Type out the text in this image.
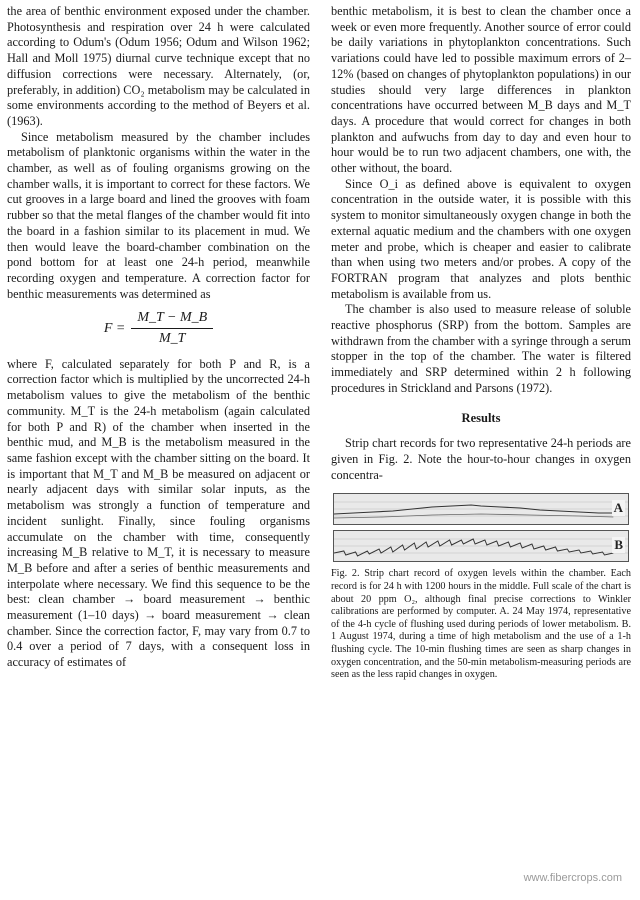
the area of benthic environment exposed under the chamber. Photosynthesis and respiration over 24 h were calculated according to Odum's (Odum 1956; Odum and Wilson 1962; Hall and Moll 1975) diurnal curve technique except that no diffusion corrections were necessary. Alternately, (or, preferably, in addition) CO₂ metabolism may be calculated in some environments according to the method of Beyers et al. (1963).

Since metabolism measured by the chamber includes metabolism of planktonic organisms within the water in the chamber, as well as of fouling organisms growing on the chamber walls, it is important to correct for these factors. We cut grooves in a large board and lined the grooves with foam rubber so that the metal flanges of the chamber would fit into the board in a fashion similar to its placement in mud. We then would leave the board-chamber combination on the pond bottom for at least one 24-h period, meanwhile recording oxygen and temperature. A correction factor for benthic measurements was determined as

$F = \frac{M\_T - M\_B}{M\_T}$

where F, calculated separately for both P and R, is a correction factor which is multiplied by the uncorrected 24-h metabolism values to give the metabolism of the benthic community. M_T is the 24-h metabolism (again calculated for both P and R) of the chamber when inserted in the benthic mud, and M_B is the metabolism measured in the same fashion except with the chamber sitting on the board. It is important that M_T and M_B be measured on adjacent or nearly adjacent days with similar solar inputs, as the metabolism was strongly a function of temperature and incident sunlight. Finally, since fouling organisms accumulate on the chamber with time, consequently increasing M_B relative to M_T, it is necessary to measure M_B before and after a series of benthic measurements and interpolate where necessary. We find this sequence to be the best: clean chamber → board measurement → benthic measurement (1–10 days) → board measurement → clean chamber. Since the correction factor, F, may vary from 0.7 to 0.4 over a period of 7 days, with a consequent loss in accuracy of estimates of

benthic metabolism, it is best to clean the chamber once a week or even more frequently. Another source of error could be daily variations in phytoplankton concentrations. Such variations could have led to possible maximum errors of 2–12% (based on changes of phytoplankton populations) in our studies should very large differences in plankton concentrations have occurred between M_B days and M_T days. A procedure that would correct for changes in both plankton and aufwuchs from day to day and even hour to hour would be to run two adjacent chambers, one with, the other without, the board.

Since O_i as defined above is equivalent to oxygen concentration in the outside water, it is possible with this system to monitor simultaneously oxygen change in both the external aquatic medium and the chambers with one oxygen meter and probe, which is cheaper and easier to calibrate than when using two meters and/or probes. A copy of the FORTRAN program that analyzes and plots benthic metabolism is available from us.

The chamber is also used to measure release of soluble reactive phosphorus (SRP) from the bottom. Samples are withdrawn from the chamber with a syringe through a serum stopper in the top of the chamber. The water is filtered immediately and SRP determined within 2 h following procedures in Strickland and Parsons (1972).

Results

Strip chart records for two representative 24-h periods are given in Fig. 2. Note the hour-to-hour changes in oxygen concentra-

A
B
Fig. 2. Strip chart record of oxygen levels within the chamber. Each record is for 24 h with 1200 hours in the middle. Full scale of the chart is about 20 ppm O₂, although final precise corrections to Winkler calibrations are performed by computer. A. 24 May 1974, representative of the 4-h cycle of flushing used during periods of lower metabolism. B. 1 August 1974, during a time of high metabolism and the use of a 1-h flushing cycle. The 10-min flushing times are seen as sharp changes in oxygen concentration, and the 50-min metabolism-measuring periods are seen as the less rapid changes in oxygen.
www.fibercrops.com
